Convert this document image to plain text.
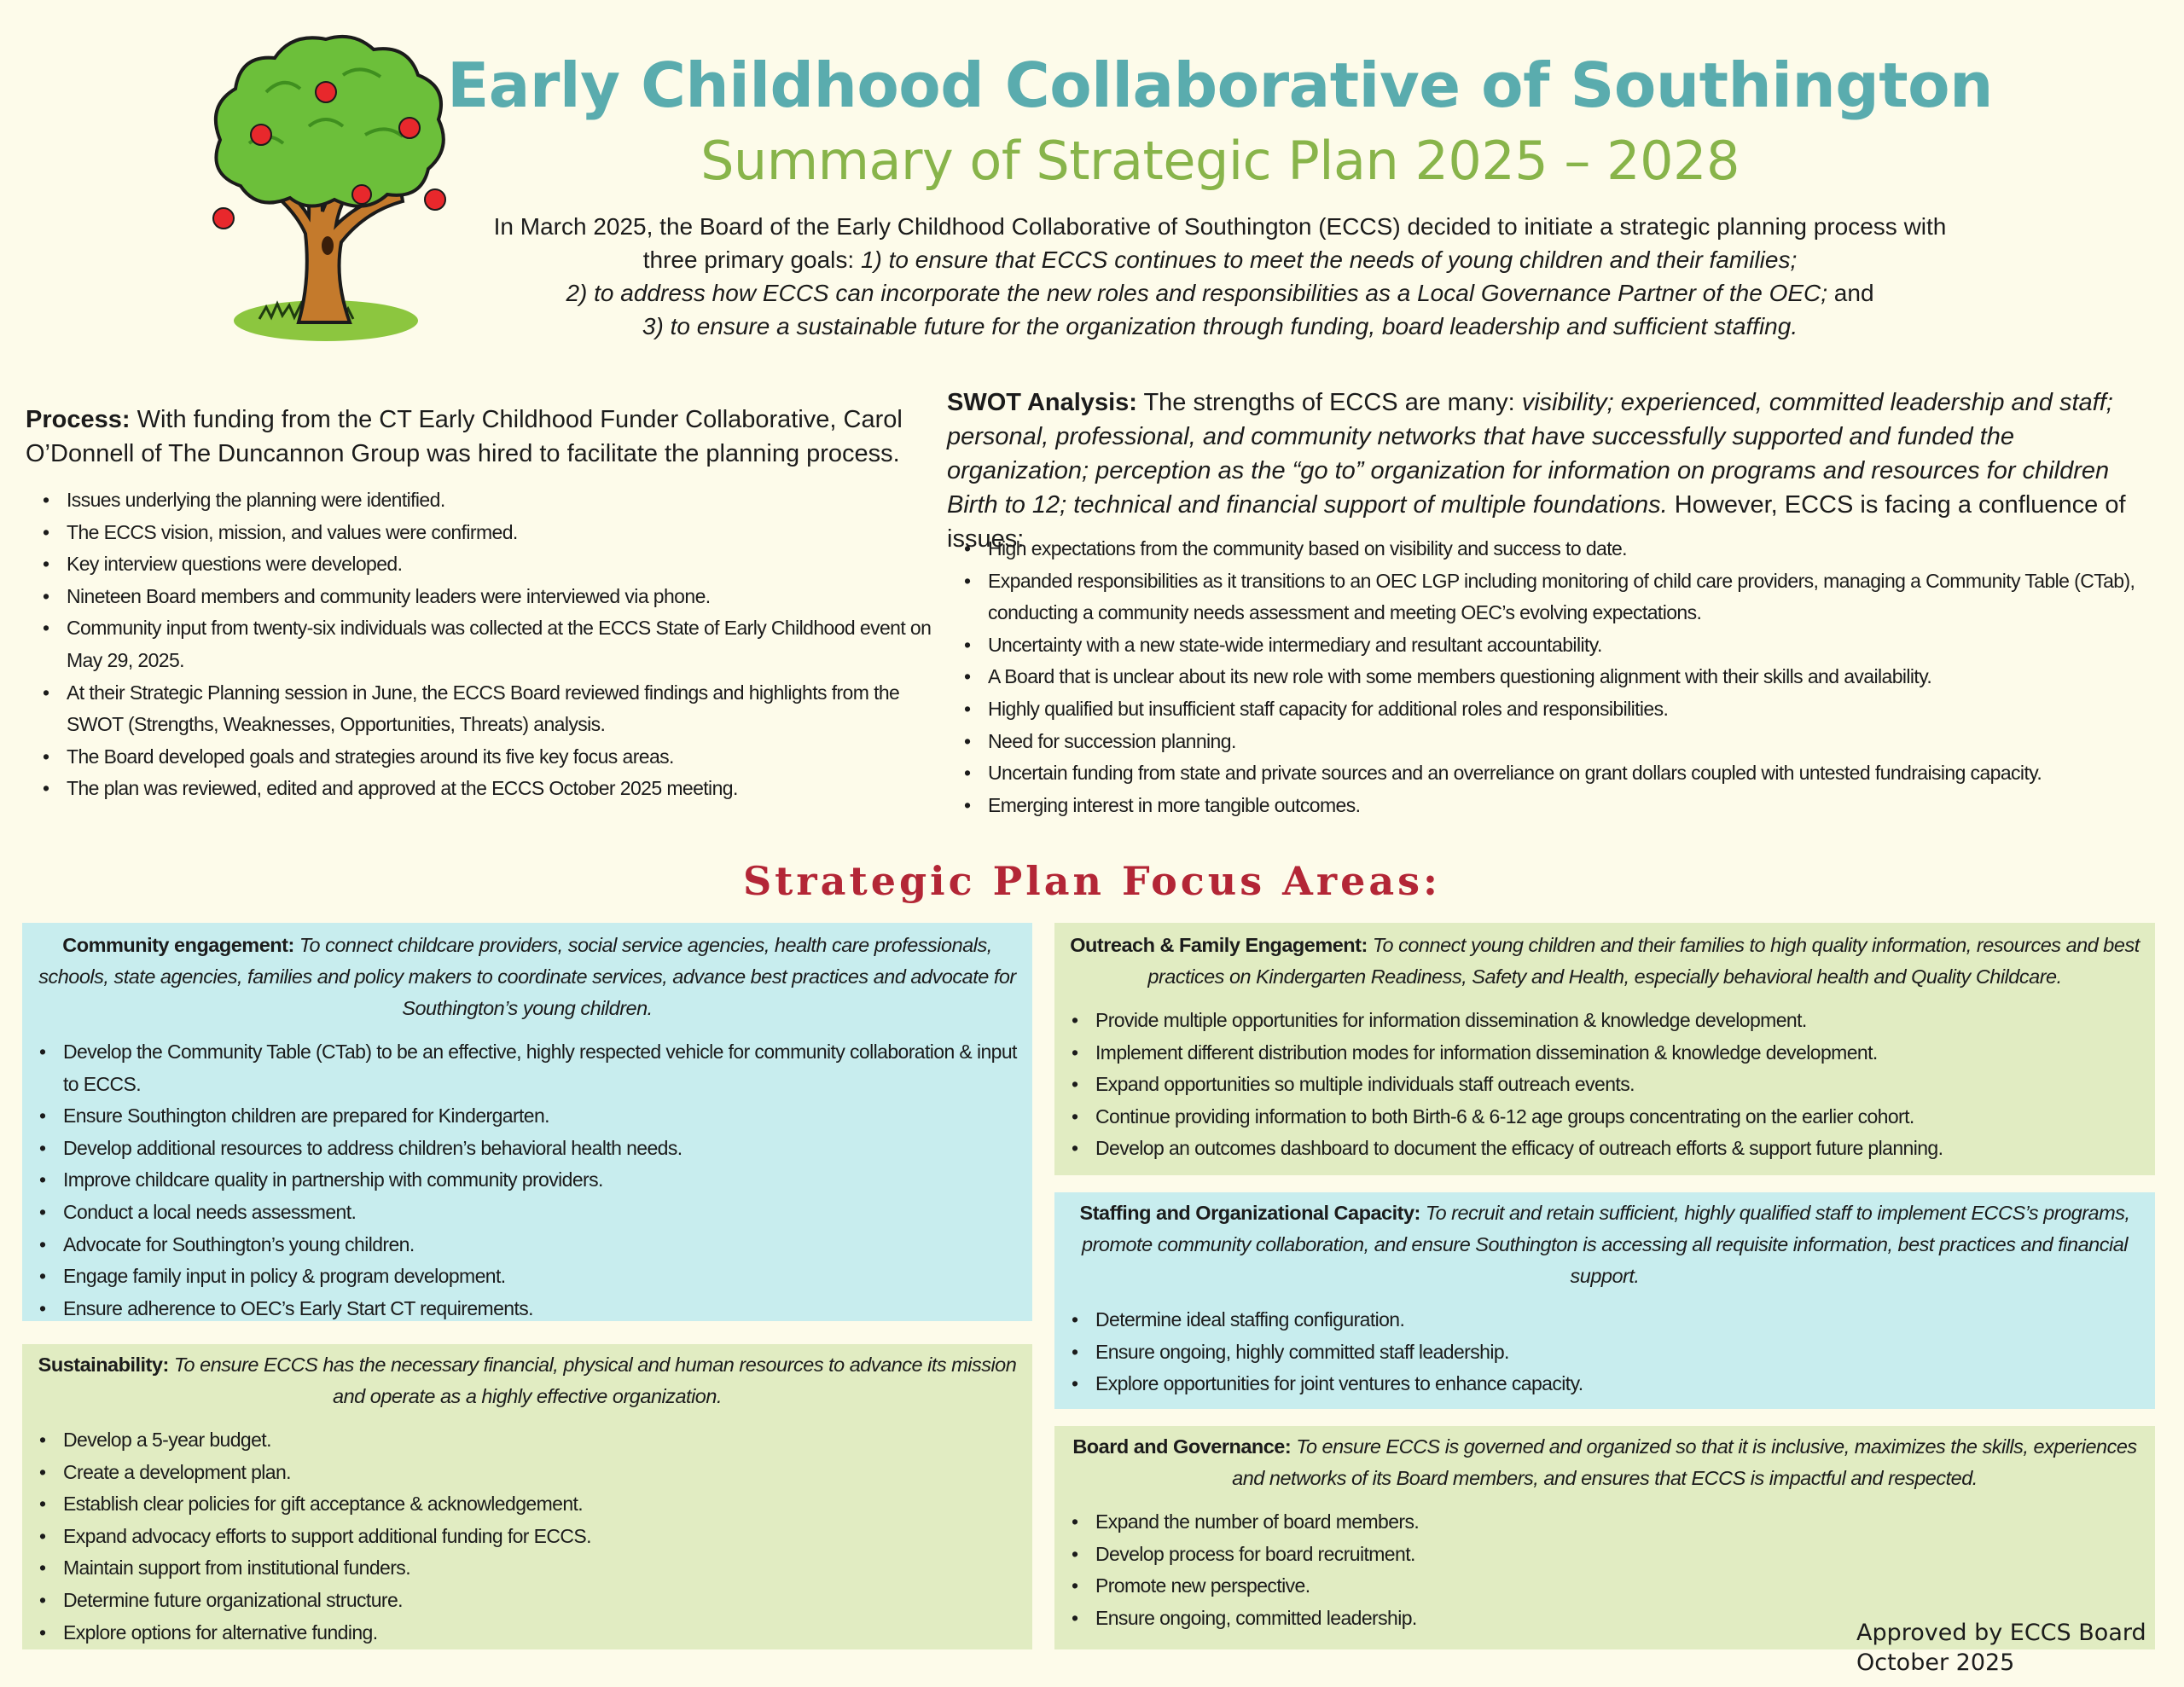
Early Childhood Collaborative of Southington
Summary of Strategic Plan 2025 – 2028
In March 2025, the Board of the Early Childhood Collaborative of Southington (ECCS) decided to initiate a strategic planning process with
three primary goals: 1) to ensure that ECCS continues to meet the needs of young children and their families;
2) to address how ECCS can incorporate the new roles and responsibilities as a Local Governance Partner of the OEC; and
3) to ensure a sustainable future for the organization through funding, board leadership and sufficient staffing.
Process: With funding from the CT Early Childhood Funder Collaborative, Carol O’Donnell of The Duncannon Group was hired to facilitate the planning process.
• Issues underlying the planning were identified.
• The ECCS vision, mission, and values were confirmed.
• Key interview questions were developed.
• Nineteen Board members and community leaders were interviewed via phone.
• Community input from twenty-six individuals was collected at the ECCS State of Early Childhood event on May 29, 2025.
• At their Strategic Planning session in June, the ECCS Board reviewed findings and highlights from the SWOT (Strengths, Weaknesses, Opportunities, Threats) analysis.
• The Board developed goals and strategies around its five key focus areas.
• The plan was reviewed, edited and approved at the ECCS October 2025 meeting.
SWOT Analysis: The strengths of ECCS are many: visibility; experienced, committed leadership and staff; personal, professional, and community networks that have successfully supported and funded the organization; perception as the “go to” organization for information on programs and resources for children Birth to 12; technical and financial support of multiple foundations. However, ECCS is facing a confluence of issues:
• High expectations from the community based on visibility and success to date.
• Expanded responsibilities as it transitions to an OEC LGP including monitoring of child care providers, managing a Community Table (CTab), conducting a community needs assessment and meeting OEC’s evolving expectations.
• Uncertainty with a new state-wide intermediary and resultant accountability.
• A Board that is unclear about its new role with some members questioning alignment with their skills and availability.
• Highly qualified but insufficient staff capacity for additional roles and responsibilities.
• Need for succession planning.
• Uncertain funding from state and private sources and an overreliance on grant dollars coupled with untested fundraising capacity.
• Emerging interest in more tangible outcomes.
Strategic Plan Focus Areas:
Community engagement: To connect childcare providers, social service agencies, health care professionals, schools, state agencies, families and policy makers to coordinate services, advance best practices and advocate for Southington’s young children.
• Develop the Community Table (CTab) to be an effective, highly respected vehicle for community collaboration & input to ECCS.
• Ensure Southington children are prepared for Kindergarten.
• Develop additional resources to address children’s behavioral health needs.
• Improve childcare quality in partnership with community providers.
• Conduct a local needs assessment.
• Advocate for Southington’s young children.
• Engage family input in policy & program development.
• Ensure adherence to OEC’s Early Start CT requirements.
Sustainability: To ensure ECCS has the necessary financial, physical and human resources to advance its mission and operate as a highly effective organization.
• Develop a 5-year budget.
• Create a development plan.
• Establish clear policies for gift acceptance & acknowledgement.
• Expand advocacy efforts to support additional funding for ECCS.
• Maintain support from institutional funders.
• Determine future organizational structure.
• Explore options for alternative funding.
Outreach & Family Engagement: To connect young children and their families to high quality information, resources and best practices on Kindergarten Readiness, Safety and Health, especially behavioral health and Quality Childcare.
• Provide multiple opportunities for information dissemination & knowledge development.
• Implement different distribution modes for information dissemination & knowledge development.
• Expand opportunities so multiple individuals staff outreach events.
• Continue providing information to both Birth-6 & 6-12 age groups concentrating on the earlier cohort.
• Develop an outcomes dashboard to document the efficacy of outreach efforts & support future planning.
Staffing and Organizational Capacity: To recruit and retain sufficient, highly qualified staff to implement ECCS’s programs, promote community collaboration, and ensure Southington is accessing all requisite information, best practices and financial support.
• Determine ideal staffing configuration.
• Ensure ongoing, highly committed staff leadership.
• Explore opportunities for joint ventures to enhance capacity.
Board and Governance: To ensure ECCS is governed and organized so that it is inclusive, maximizes the skills, experiences and networks of its Board members, and ensures that ECCS is impactful and respected.
• Expand the number of board members.
• Develop process for board recruitment.
• Promote new perspective.
• Ensure ongoing, committed leadership.
Approved by ECCS Board
October 2025
